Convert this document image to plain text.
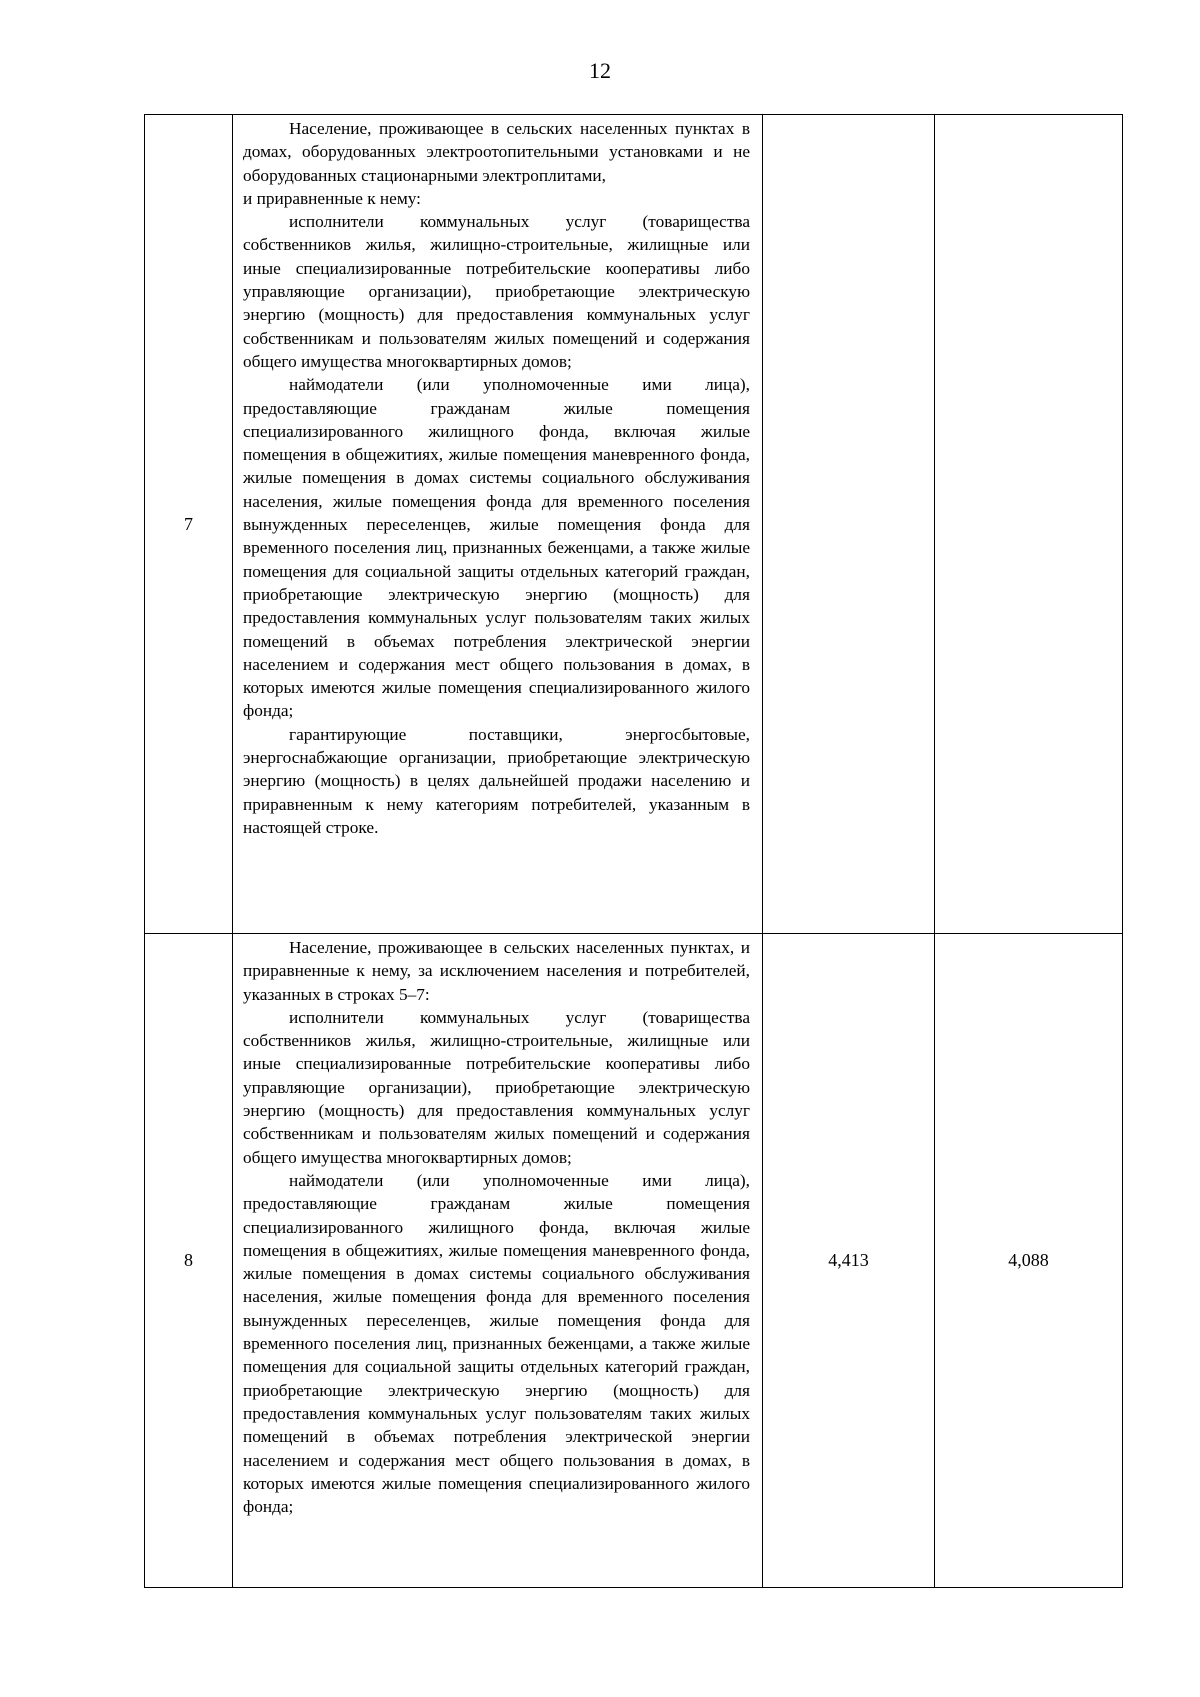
12
7	Население, проживающее в сельских населенных пунктах в домах, оборудованных электроотопительными установками и не оборудованных стационарными электроплитами,

и приравненные к нему:

исполнители коммунальных услуг (товарищества собственников жилья, жилищно-строительные, жилищные или иные специализированные потребительские кооперативы либо управляющие организации), приобретающие электрическую энергию (мощность) для предоставления коммунальных услуг собственникам и пользователям жилых помещений и содержания общего имущества многоквартирных домов;

наймодатели (или уполномоченные ими лица), предоставляющие гражданам жилые помещения специализированного жилищного фонда, включая жилые помещения в общежитиях, жилые помещения маневренного фонда, жилые помещения в домах системы социального обслуживания населения, жилые помещения фонда для временного поселения вынужденных переселенцев, жилые помещения фонда для временного поселения лиц, признанных беженцами, а также жилые помещения для социальной защиты отдельных категорий граждан, приобретающие электрическую энергию (мощность) для предоставления коммунальных услуг пользователям таких жилых помещений в объемах потребления электрической энергии населением и содержания мест общего пользования в домах, в которых имеются жилые помещения специализированного жилого фонда;

гарантирующие поставщики, энергосбытовые, энергоснабжающие организации, приобретающие электрическую энергию (мощность) в целях дальнейшей продажи населению и приравненным к нему категориям потребителей, указанным в настоящей строке.		

8	Население, проживающее в сельских населенных пунктах, и приравненные к нему, за исключением населения и потребителей, указанных в строках 5–7:

исполнители коммунальных услуг (товарищества собственников жилья, жилищно-строительные, жилищные или иные специализированные потребительские кооперативы либо управляющие организации), приобретающие электрическую энергию (мощность) для предоставления коммунальных услуг собственникам и пользователям жилых помещений и содержания общего имущества многоквартирных домов;

наймодатели (или уполномоченные ими лица), предоставляющие гражданам жилые помещения специализированного жилищного фонда, включая жилые помещения в общежитиях, жилые помещения маневренного фонда, жилые помещения в домах системы социального обслуживания населения, жилые помещения фонда для временного поселения вынужденных переселенцев, жилые помещения фонда для временного поселения лиц, признанных беженцами, а также жилые помещения для социальной защиты отдельных категорий граждан, приобретающие электрическую энергию (мощность) для предоставления коммунальных услуг пользователям таких жилых помещений в объемах потребления электрической энергии населением и содержания мест общего пользования в домах, в которых имеются жилые помещения специализированного жилого фонда;	4,413	4,088
